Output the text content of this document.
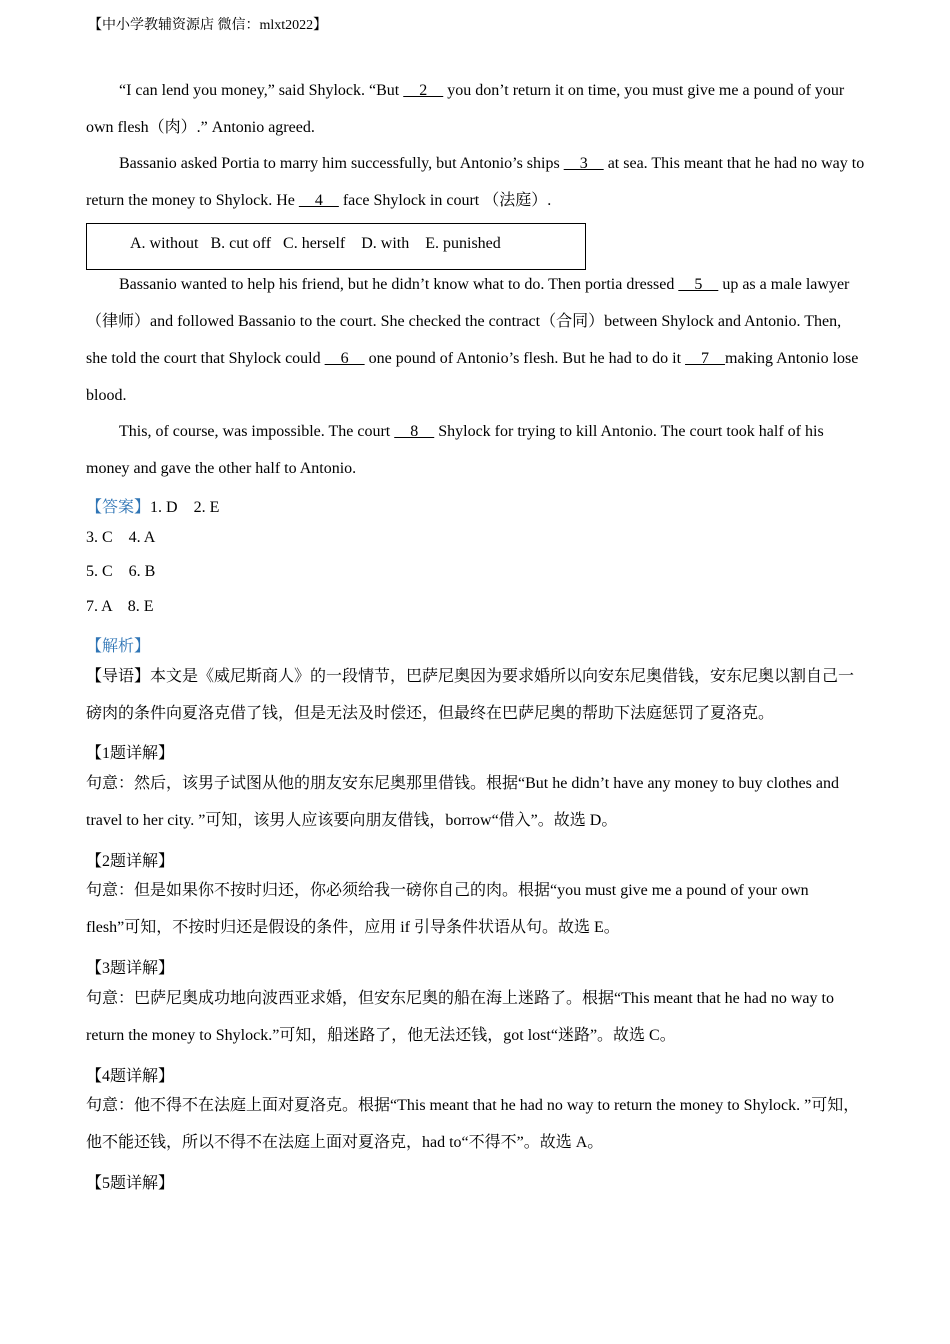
【中小学教辅资源店 微信：mlxt2022】
“I can lend you money,” said Shylock. “But     2     you don’t return it on time, you must give me a pound of your own flesh（肉）.” Antonio agreed.
Bassanio asked Portia to marry him successfully, but Antonio’s ships     3     at sea. This meant that he had no way to return the money to Shylock. He     4     face Shylock in court （法庭）.
A. without   B. cut off   C. herself    D. with    E. punished
Bassanio wanted to help his friend, but he didn’t know what to do. Then portia dressed     5     up as a male lawyer （律师）and followed Bassanio to the court. She checked the contract（合同）between Shylock and Antonio. Then, she told the court that Shylock could     6     one pound of Antonio’s flesh. But he had to do it     7    making Antonio lose blood.
This, of course, was impossible. The court     8     Shylock for trying to kill Antonio. The court took half of his money and gave the other half to Antonio.
【答案】1. D    2. E
3. C    4. A
5. C    6. B
7. A    8. E
【解析】
【导语】本文是《威尼斯商人》的一段情节，巴萨尼奥因为要求婚所以向安东尼奥借钱，安东尼奥以割自己一磅肉的条件向夏洛克借了钱，但是无法及时偿还，但最终在巴萨尼奥的帮助下法庭惩罚了夏洛克。
【1题详解】
句意：然后，该男子试图从他的朋友安东尼奥那里借钱。根据“But he didn’t have any money to buy clothes and travel to her city. ”可知，该男人应该要向朋友借钱，borrow“借入”。故选 D。
【2题详解】
句意：但是如果你不按时归还，你必须给我一磅你自己的肉。根据“you must give me a pound of your own flesh”可知，不按时归还是假设的条件，应用 if 引导条件状语从句。故选 E。
【3题详解】
句意：巴萨尼奥成功地向波西亚求婚，但安东尼奥的船在海上迷路了。根据“This meant that he had no way to return the money to Shylock.”可知，船迷路了，他无法还钱，got lost“迷路”。故选 C。
【4题详解】
句意：他不得不在法庭上面对夏洛克。根据“This meant that he had no way to return the money to Shylock. ”可知，他不能还钱，所以不得不在法庭上面对夏洛克，had to“不得不”。故选 A。
【5题详解】
